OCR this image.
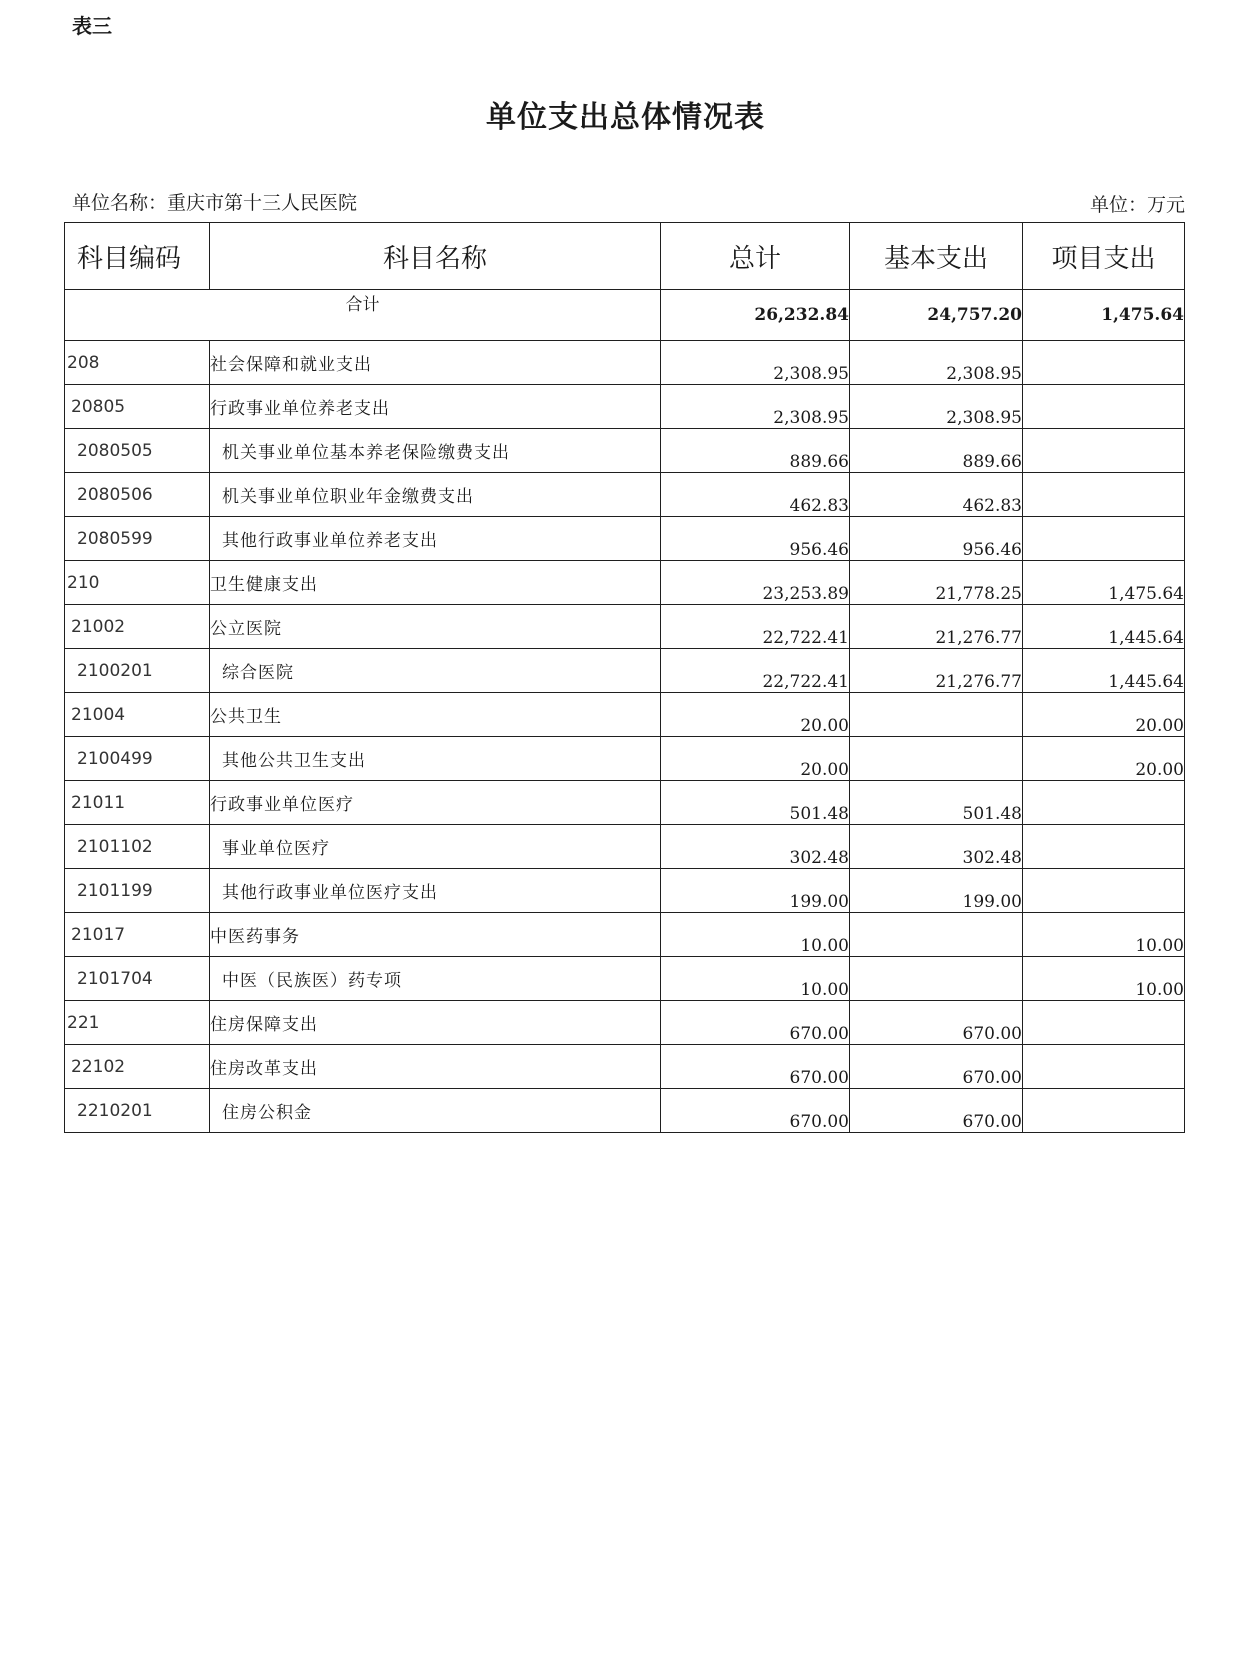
表三
单位支出总体情况表
单位名称：重庆市第十三人民医院	单位：万元
科目编码	科目名称	总计	基本支出	项目支出
合计		26,232.84	24,757.20	1,475.64
208	社会保障和就业支出	2,308.95	2,308.95	
20805	行政事业单位养老支出	2,308.95	2,308.95	
2080505	机关事业单位基本养老保险缴费支出	889.66	889.66	
2080506	机关事业单位职业年金缴费支出	462.83	462.83	
2080599	其他行政事业单位养老支出	956.46	956.46	
210	卫生健康支出	23,253.89	21,778.25	1,475.64
21002	公立医院	22,722.41	21,276.77	1,445.64
2100201	综合医院	22,722.41	21,276.77	1,445.64
21004	公共卫生	20.00		20.00
2100499	其他公共卫生支出	20.00		20.00
21011	行政事业单位医疗	501.48	501.48	
2101102	事业单位医疗	302.48	302.48	
2101199	其他行政事业单位医疗支出	199.00	199.00	
21017	中医药事务	10.00		10.00
2101704	中医（民族医）药专项	10.00		10.00
221	住房保障支出	670.00	670.00	
22102	住房改革支出	670.00	670.00	
2210201	住房公积金	670.00	670.00	
